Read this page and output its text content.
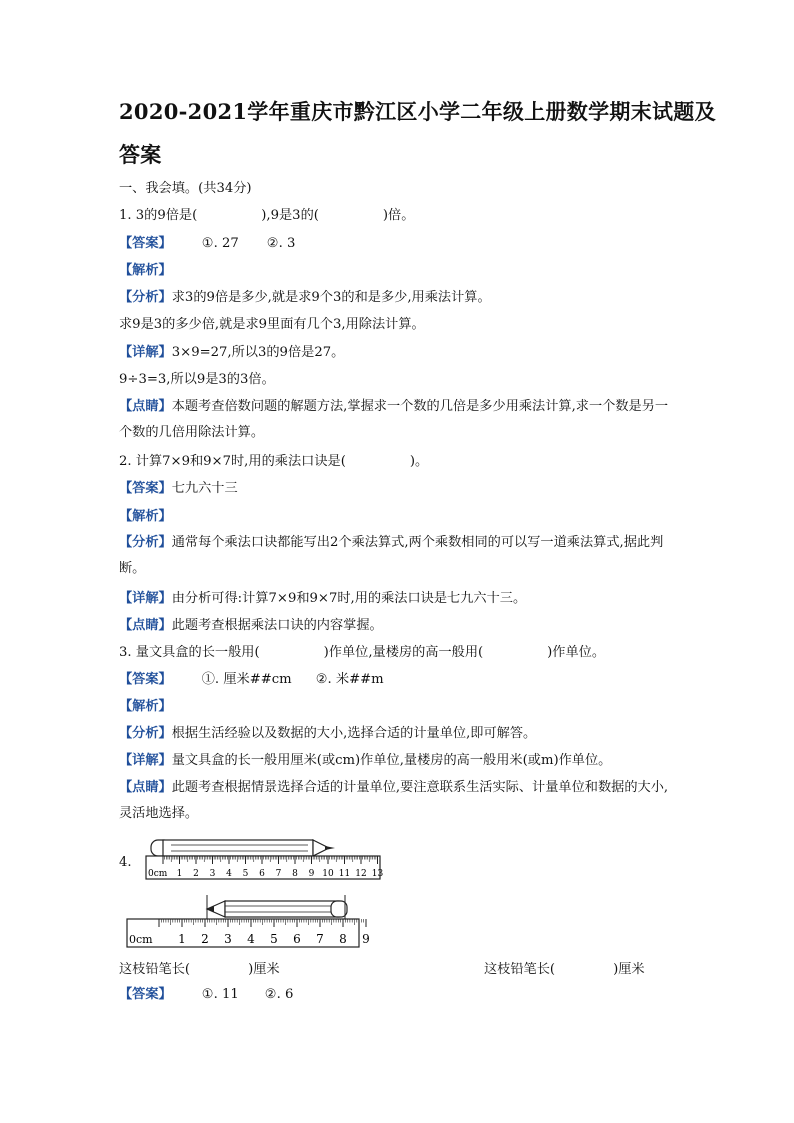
2020-2021学年重庆市黔江区小学二年级上册数学期末试题及答案
一、我会填。(共34分)
1. 3的9倍是(	),9是3的(	)倍。
【答案】 ①. 27 ②. 3
【解析】
【分析】求3的9倍是多少,就是求9个3的和是多少,用乘法计算。
求9是3的多少倍,就是求9里面有几个3,用除法计算。
【详解】3×9=27,所以3的9倍是27。
9÷3=3,所以9是3的3倍。
【点睛】本题考查倍数问题的解题方法,掌握求一个数的几倍是多少用乘法计算,求一个数是另一个数的几倍用除法计算。
2. 计算7×9和9×7时,用的乘法口诀是(	)。
【答案】七九六十三
【解析】
【分析】通常每个乘法口诀都能写出2个乘法算式,两个乘数相同的可以写一道乘法算式,据此判断。
【详解】由分析可得:计算7×9和9×7时,用的乘法口诀是七九六十三。
【点睛】此题考查根据乘法口诀的内容掌握。
3. 量文具盒的长一般用(	)作单位,量楼房的高一般用(	)作单位。
【答案】 ①. 厘米##cm ②. 米##m
【解析】
【分析】根据生活经验以及数据的大小,选择合适的计量单位,即可解答。
【详解】量文具盒的长一般用厘米(或cm)作单位,量楼房的高一般用米(或m)作单位。
【点睛】此题考查根据情景选择合适的计量单位,要注意联系生活实际、计量单位和数据的大小,灵活地选择。
4.
0cm 1 2 3 4 5 6 7 8 9 10 11 12 13
0cm 1 2 3 4 5 6 7 8 9
这枝铅笔长(	)厘米	这枝铅笔长(	)厘米
【答案】 ①. 11 ②. 6
